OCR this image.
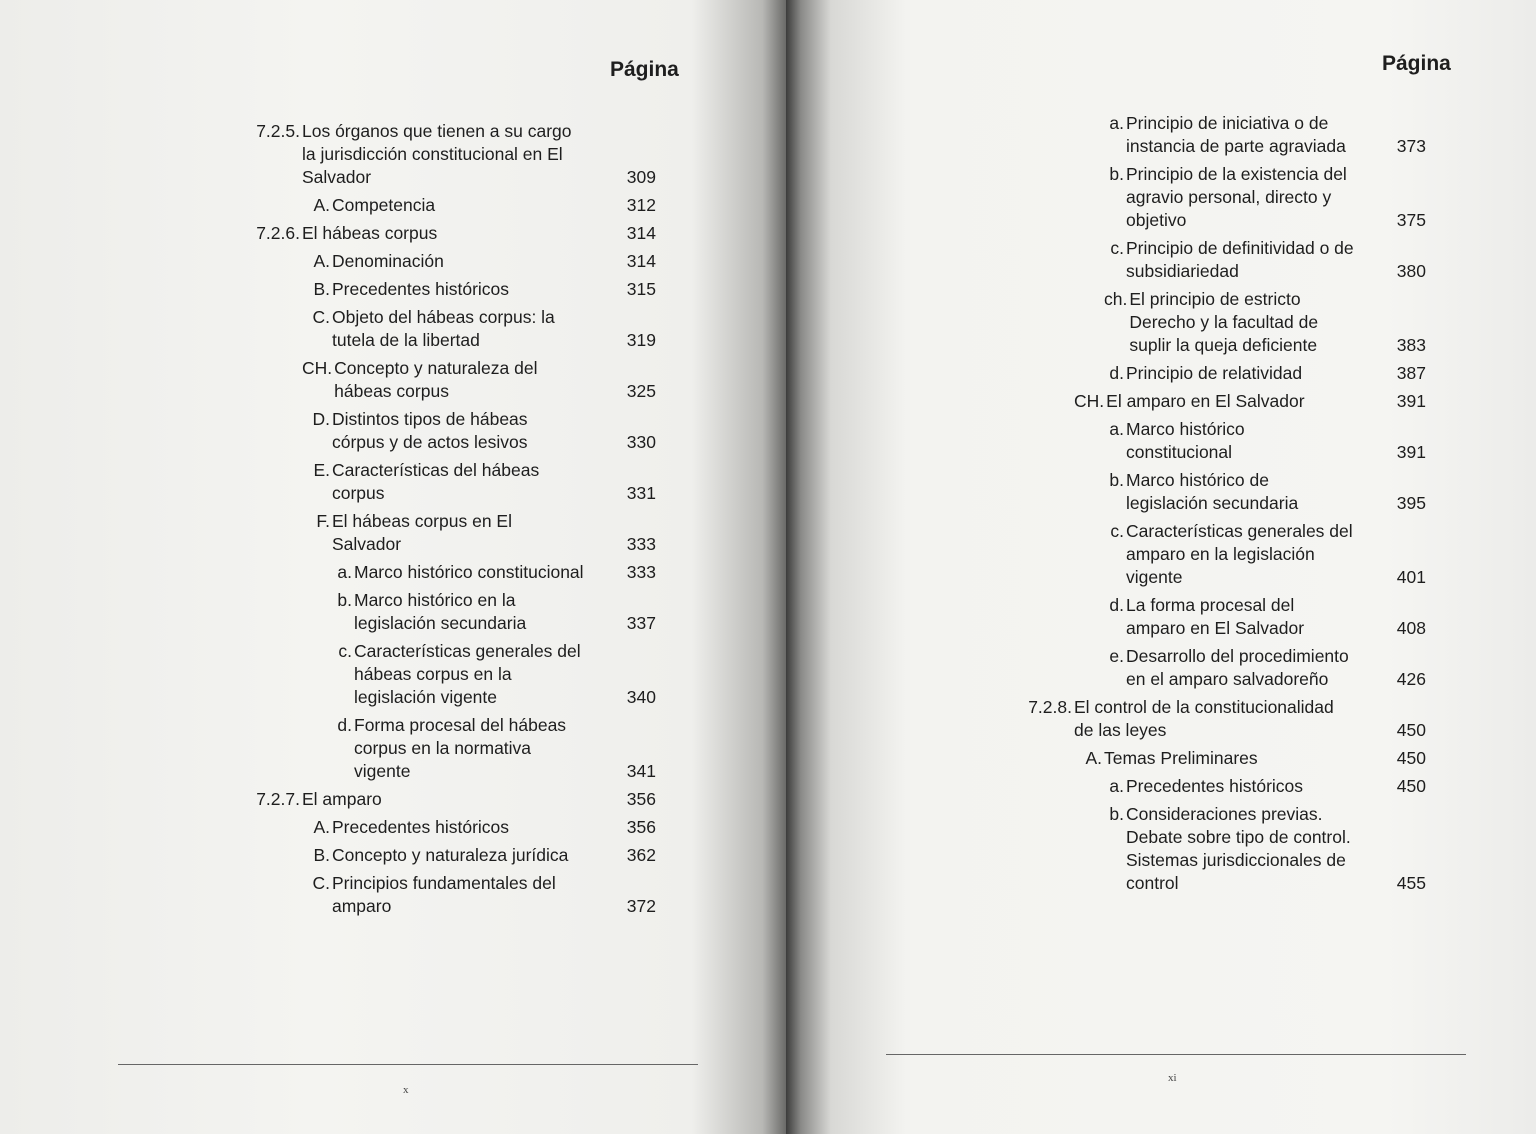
Página
7.2.5. Los órganos que tienen a su cargo la jurisdicción constitucional en El Salvador	309
A. Competencia	312
7.2.6. El hábeas corpus	314
A. Denominación	314
B. Precedentes históricos	315
C. Objeto del hábeas corpus: la tutela de la libertad	319
CH. Concepto y naturaleza del hábeas corpus	325
D. Distintos tipos de hábeas córpus y de actos lesivos	330
E. Características del hábeas corpus	331
F. El hábeas corpus en El Salvador	333
a. Marco histórico constitucional	333
b. Marco histórico en la legislación secundaria	337
c. Características generales del hábeas corpus en la legislación vigente	340
d. Forma procesal del hábeas corpus en la normativa vigente	341
7.2.7. El amparo	356
A. Precedentes históricos	356
B. Concepto y naturaleza jurídica	362
C. Principios fundamentales del amparo	372
x
Página
a. Principio de iniciativa o de instancia de parte agraviada	373
b. Principio de la existencia del agravio personal, directo y objetivo	375
c. Principio de definitividad o de subsidiariedad	380
ch. El principio de estricto Derecho y la facultad de suplir la queja deficiente	383
d. Principio de relatividad	387
CH. El amparo en El Salvador	391
a. Marco histórico constitucional	391
b. Marco histórico de legislación secundaria	395
c. Características generales del amparo en la legislación vigente	401
d. La forma procesal del amparo en El Salvador	408
e. Desarrollo del procedimiento en el amparo salvadoreño	426
7.2.8. El control de la constitucionalidad de las leyes	450
A. Temas Preliminares	450
a. Precedentes históricos	450
b. Consideraciones previas. Debate sobre tipo de control. Sistemas jurisdiccionales de control	455
xi
